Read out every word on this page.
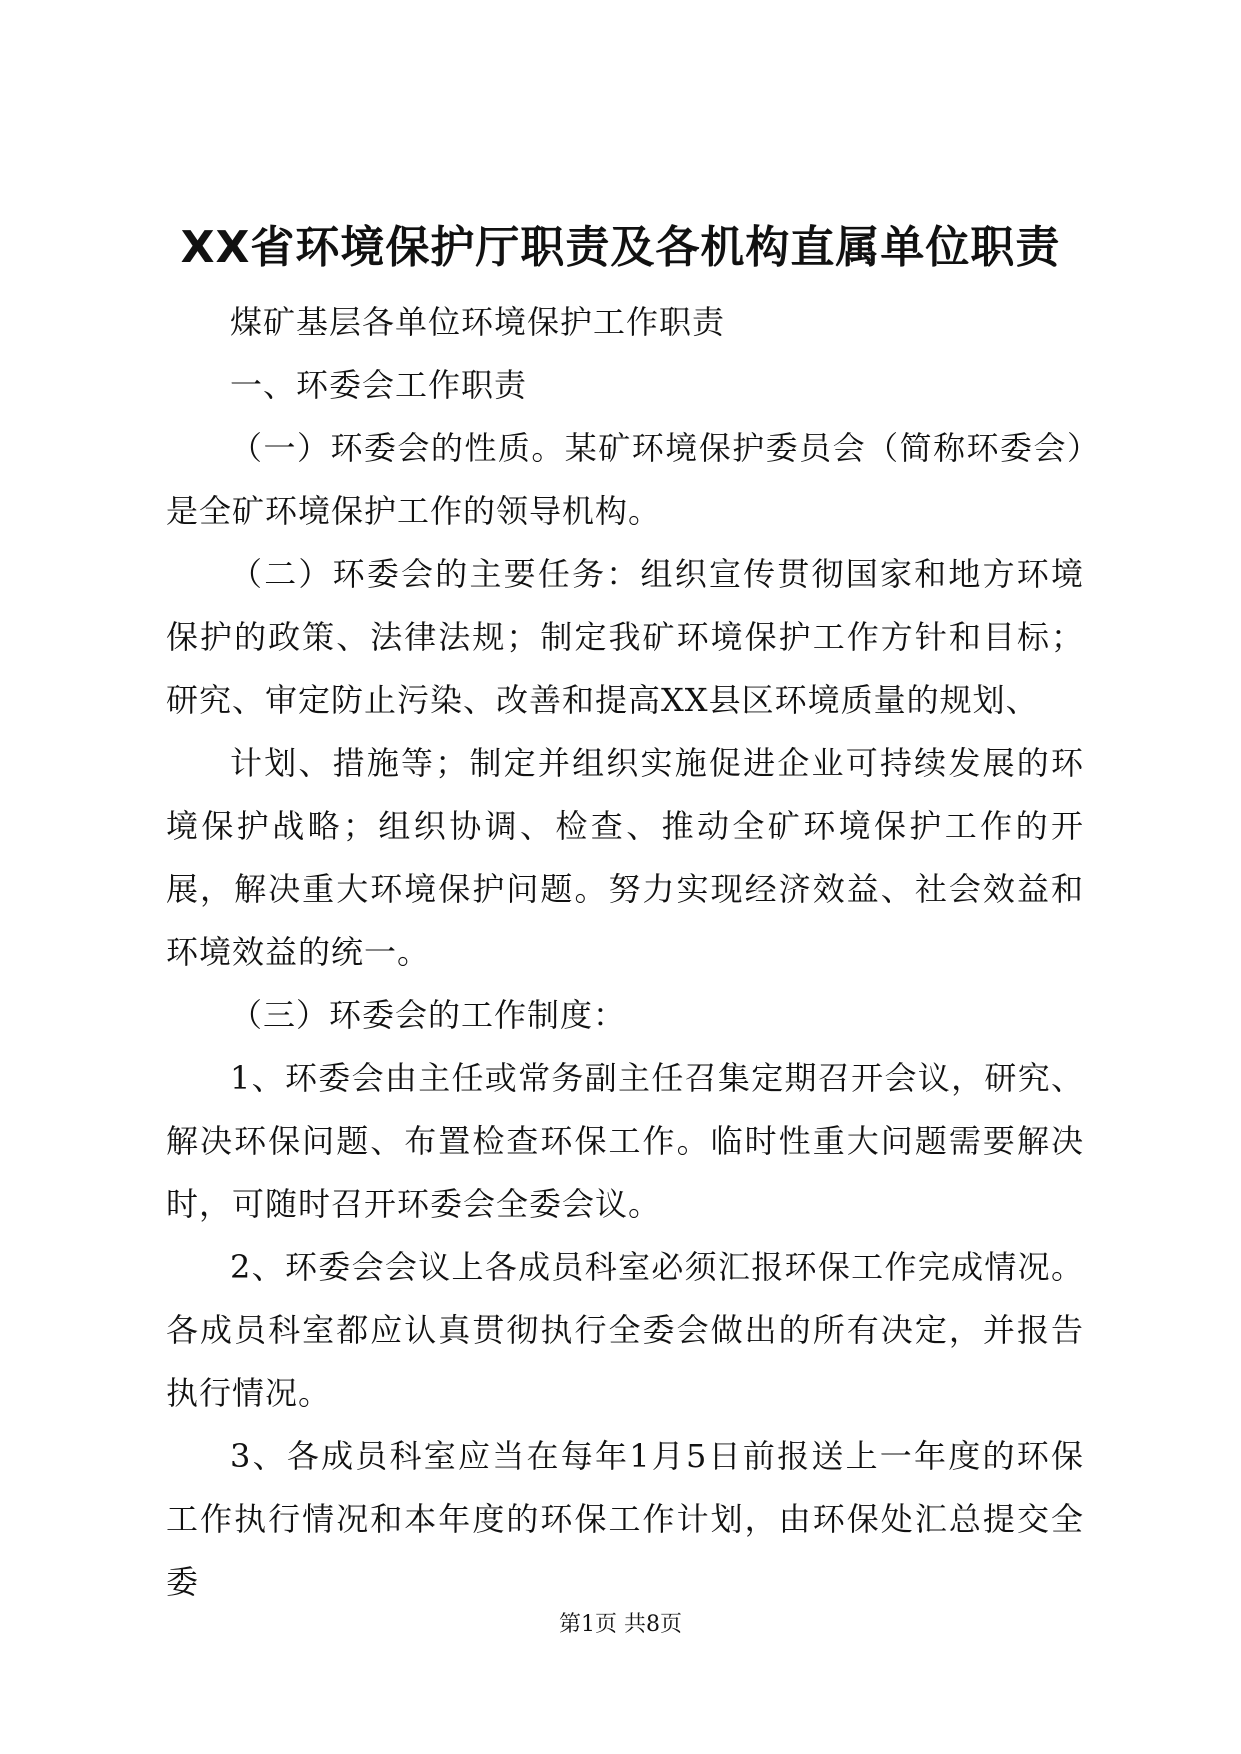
XX省环境保护厅职责及各机构直属单位职责

煤矿基层各单位环境保护工作职责

一、环委会工作职责

（一）环委会的性质。某矿环境保护委员会（简称环委会）是全矿环境保护工作的领导机构。

（二）环委会的主要任务：组织宣传贯彻国家和地方环境保护的政策、法律法规；制定我矿环境保护工作方针和目标；研究、审定防止污染、改善和提高XX县区环境质量的规划、

计划、措施等；制定并组织实施促进企业可持续发展的环境保护战略；组织协调、检查、推动全矿环境保护工作的开展，解决重大环境保护问题。努力实现经济效益、社会效益和环境效益的统一。

（三）环委会的工作制度：

1、环委会由主任或常务副主任召集定期召开会议，研究、解决环保问题、布置检查环保工作。临时性重大问题需要解决时，可随时召开环委会全委会议。

2、环委会会议上各成员科室必须汇报环保工作完成情况。各成员科室都应认真贯彻执行全委会做出的所有决定，并报告执行情况。

3、各成员科室应当在每年1月5日前报送上一年度的环保工作执行情况和本年度的环保工作计划，由环保处汇总提交全委

第1页 共8页
